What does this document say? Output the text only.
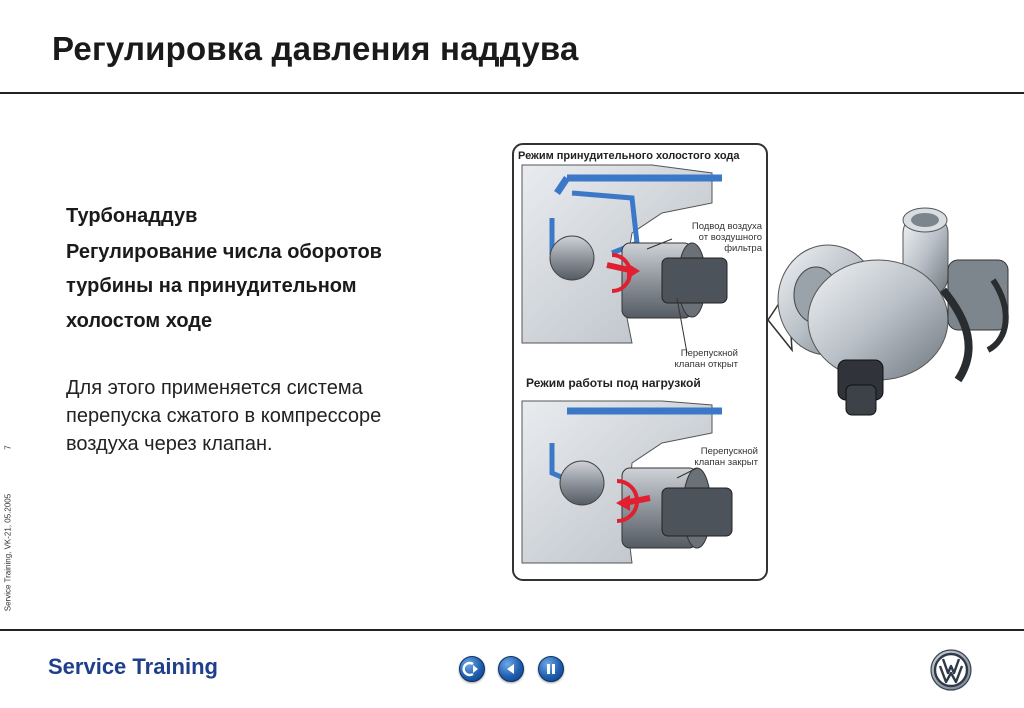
Регулировка давления наддува
7
Service Training, VK-21, 05.2005
Турбонаддув
Регулирование числа оборотов
турбины на принудительном
холостом ходе
Для этого применяется система
перепуска сжатого в компрессоре
воздуха через клапан.
Режим принудительного холостого хода
Подвод воздуха
от воздушного
фильтра
Перепускной
клапан открыт
Режим работы под нагрузкой
Перепускной
клапан закрыт
Service Training
